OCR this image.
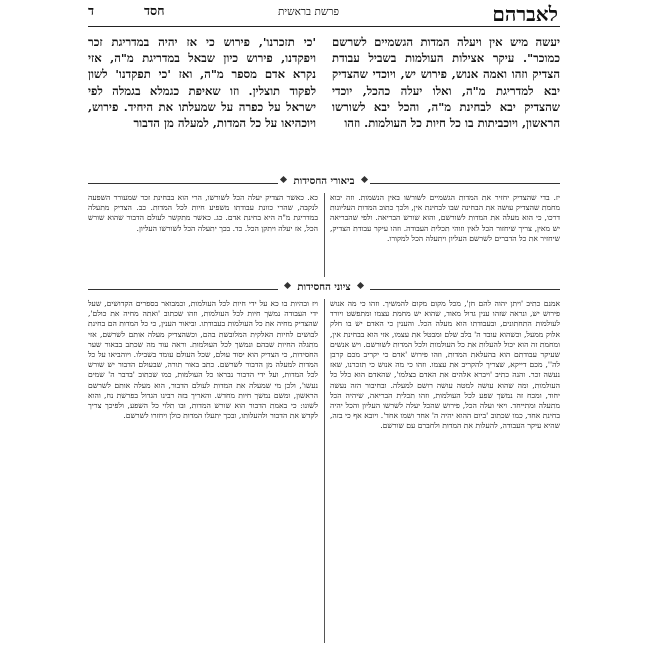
ד	חסד	פרשת בראשית	לאברהם
יעשה מיש אין ויעלה המדות הגשמיים לשרשם כמוכר". עיקר אצילות העולמות בשביל עבודת הצדיק וזהו ואמה אנוש, פירוש יש, ויוכדי שהצדיק יבא למדריגת מ"ה, ואלו יעלה כהכל, יוכדי שהצדיק יבא לבחינת מ"ה, והכל יבא לשורשו הראשון, ויוכביתות בו כל חיות כל העולמות. וזהו
'כי תזכרנו', פירוש כי אז יהיה במדריגת זכר ויפקדנו, פירוש כיון שבאל במדריגת מ"ה, אזי נקרא אדם מספר מ"ה, ואז 'כי תפקדנו' לשון לפקוד תוצלין. וזו שאיפת כגמלא בגמלה לפי ישראל על כפרה על שמעלתו את היחיד. פירוש, ויוכהיאו על כל המדות, למעלה מן הדבור
ביאורי החסידות
יז. בדי שהצדיק יחזיר את המדות הגשמיים לשורשו באין הנשמות. וזה יבוא מחמת שהצדיק עושה את הבחינה שבו לבחינת אין, ולכך כתוב המדות העליונות דרכו, כי הוא מעלה את המדות לשורשם, והוא שורש הבריאה. ולפי שהבריאה יש מאין, צריך שיחזור הכל לאין וזוהי תכלית העבודה. וזהו עיקר עבודת הצדיק, שיחזיר את כל הדברים לשרשם העליון ויתעלה הכל למקורו.
כא. כאשר הצדיק יעלה הכל לשורשו, הרי הוא בבחינת זכר שמעורר השפעה לנקבה, שהרי כוונת עבודתו משפיע חיות לכל המדות. כב. הצדיק מתעלה במדריגת מ"ה היא בחינת אדם. כג. כאשר מתקשר לעולם הדבור שהוא שורש הכל, אז יעלה ויתקן הכל. כד. בכך יתעלה הכל לשורשו העליון.
ציוני החסידות
אמנם כתיב 'ויתן יהוה להם חן', מכל מקום מקום להמשיך. וזהו כי מה אנוש פירוש יש, ונראה שזהו ענין גדול מאוד, שהוא יש מחמת עצמו ומתפשט ויורד לעולמות התחתונים, ובעבודתו הוא מעלה הכל. והענין כי האדם יש בו חלק אלוק ממעל, וכשהוא עובד ה' בלב שלם ומבטל את עצמו, אזי הוא בבחינת אין, ומחמת זה הוא יכול להעלות את כל העולמות ולכל המדות לשורשם. ויש אנשים שעיקר עבודתם הוא בהעלאת המדות, וזהו פירוש 'אדם כי יקריב מכם קרבן לה'', מכם דייקא, שצריך להקריב את עצמו. וזהו כי מה אנוש כי תזכרנו, שאז נעשה זכר. והנה כתיב 'ויברא אלהים את האדם בצלמו', שהאדם הוא כלל כל העולמות, ומה שהוא עושה למטה עושה רושם למעלה. ובחיבור הזה נעשה יחוד, ומכח זה נמשך שפע לכל העולמות, וזהו תכלית הבריאה, שיהיה הכל מתעלה ומתייחד. ויאי ועלה הכל, פירוש שהכל יעלה לשרשו העליון והכל יהיה בחינת אחד, כמו שכתוב 'ביום ההוא יהיה ה' אחד ושמו אחד'. ויובא אף כי בזה, שהיא עיקר העבודה, להעלות את המדות ולחברם עם שורשם.
ויז ובהיות בו כא על ידי חיות לכל העולמות, וכמבואר בספרים הקדושים, שעל ידי העבודה נמשך חיות לכל העולמות, וזהו שכתוב 'ואתה מחיה את כולם', שהצדיק מחיה את כל העולמות בעבודתו. וביאור הענין, כי כל המדות הם בחינת לבושים לחיות האלקית המלובשת בהם, וכשהצדיק מעלה אותם לשרשם, אזי מתגלה החיות שבהם ונמשך לכל העולמות. וראה עוד מה שכתב בבאור שער החסידות, כי הצדיק הוא יסוד עולם, שכל העולם עומד בשבילו. ויוהביאו על כל המדות למעלה מן הדבור לשרשם. כתב באור תורה, שבעולם הדבור יש שורש לכל המדות, ועל ידי הדבור נבראו כל העולמות, כמו שכתוב 'בדבר ה' שמים נעשו', ולכן מי שמעלה את המדות לעולם הדבור, הוא מעלה אותם לשרשם הראשון, ומשם נמשך חיות מחדש. והאריך בזה רבינו הגדול בפרשת נח, והוא לשונו: כי באמת הדבור הוא שורש המדות, ובו תלוי כל השפע, ולפיכך צריך לקדש את הדבור ולהעלותו, ובכך יתעלו המדות כולן ויחזרו לשרשם.
